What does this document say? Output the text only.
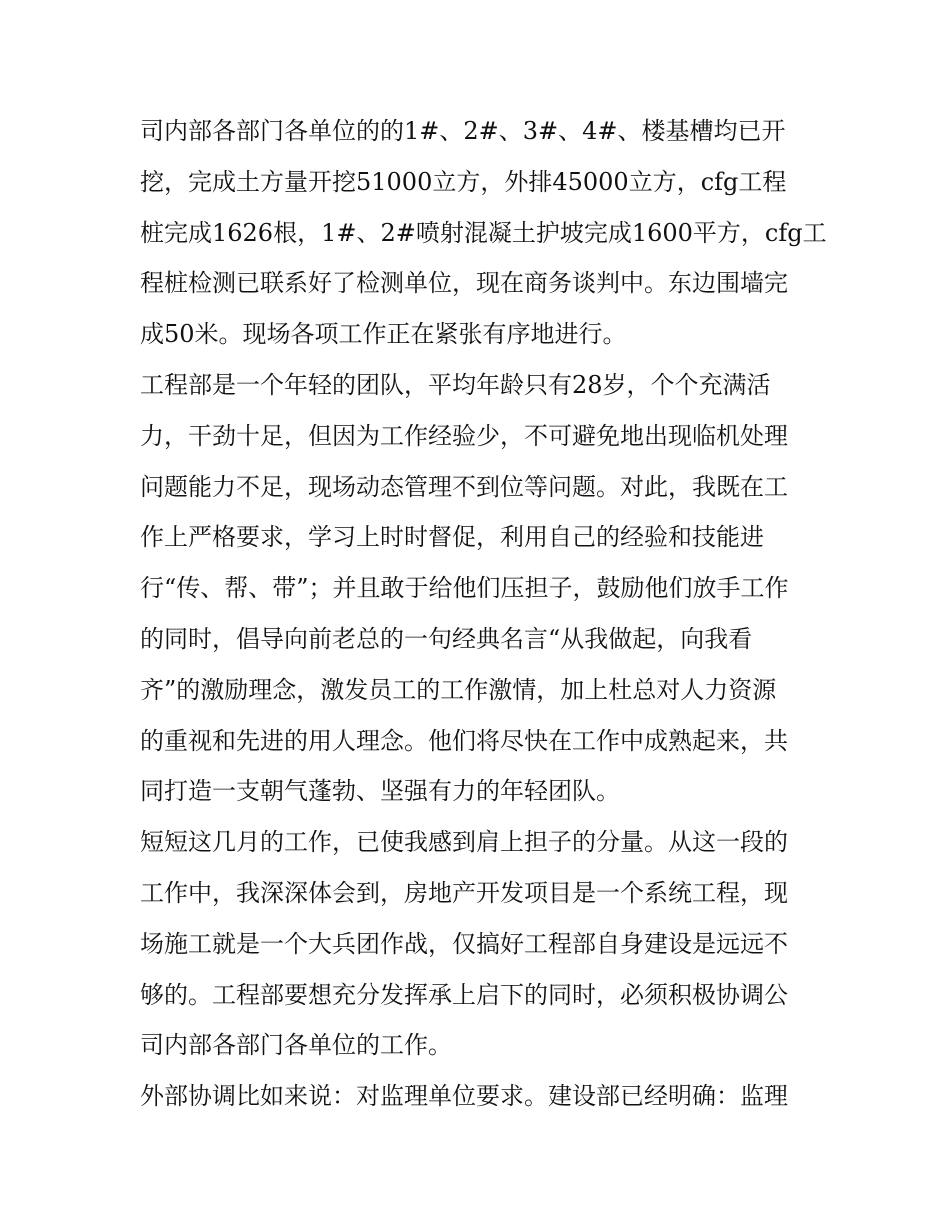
司内部各部门各单位的的1#、2#、3#、4#、楼基槽均已开
挖，完成土方量开挖51000立方，外排45000立方，cfg工程
桩完成1626根，1#、2#喷射混凝土护坡完成1600平方，cfg工
程桩检测已联系好了检测单位，现在商务谈判中。东边围墙完
成50米。现场各项工作正在紧张有序地进行。
工程部是一个年轻的团队，平均年龄只有28岁，个个充满活
力，干劲十足，但因为工作经验少，不可避免地出现临机处理
问题能力不足，现场动态管理不到位等问题。对此，我既在工
作上严格要求，学习上时时督促，利用自己的经验和技能进
行“传、帮、带”；并且敢于给他们压担子，鼓励他们放手工作
的同时，倡导向前老总的一句经典名言“从我做起，向我看
齐”的激励理念，激发员工的工作激情，加上杜总对人力资源
的重视和先进的用人理念。他们将尽快在工作中成熟起来，共
同打造一支朝气蓬勃、坚强有力的年轻团队。
短短这几月的工作，已使我感到肩上担子的分量。从这一段的
工作中，我深深体会到，房地产开发项目是一个系统工程，现
场施工就是一个大兵团作战，仅搞好工程部自身建设是远远不
够的。工程部要想充分发挥承上启下的同时，必须积极协调公
司内部各部门各单位的工作。
外部协调比如来说：对监理单位要求。建设部已经明确：监理
